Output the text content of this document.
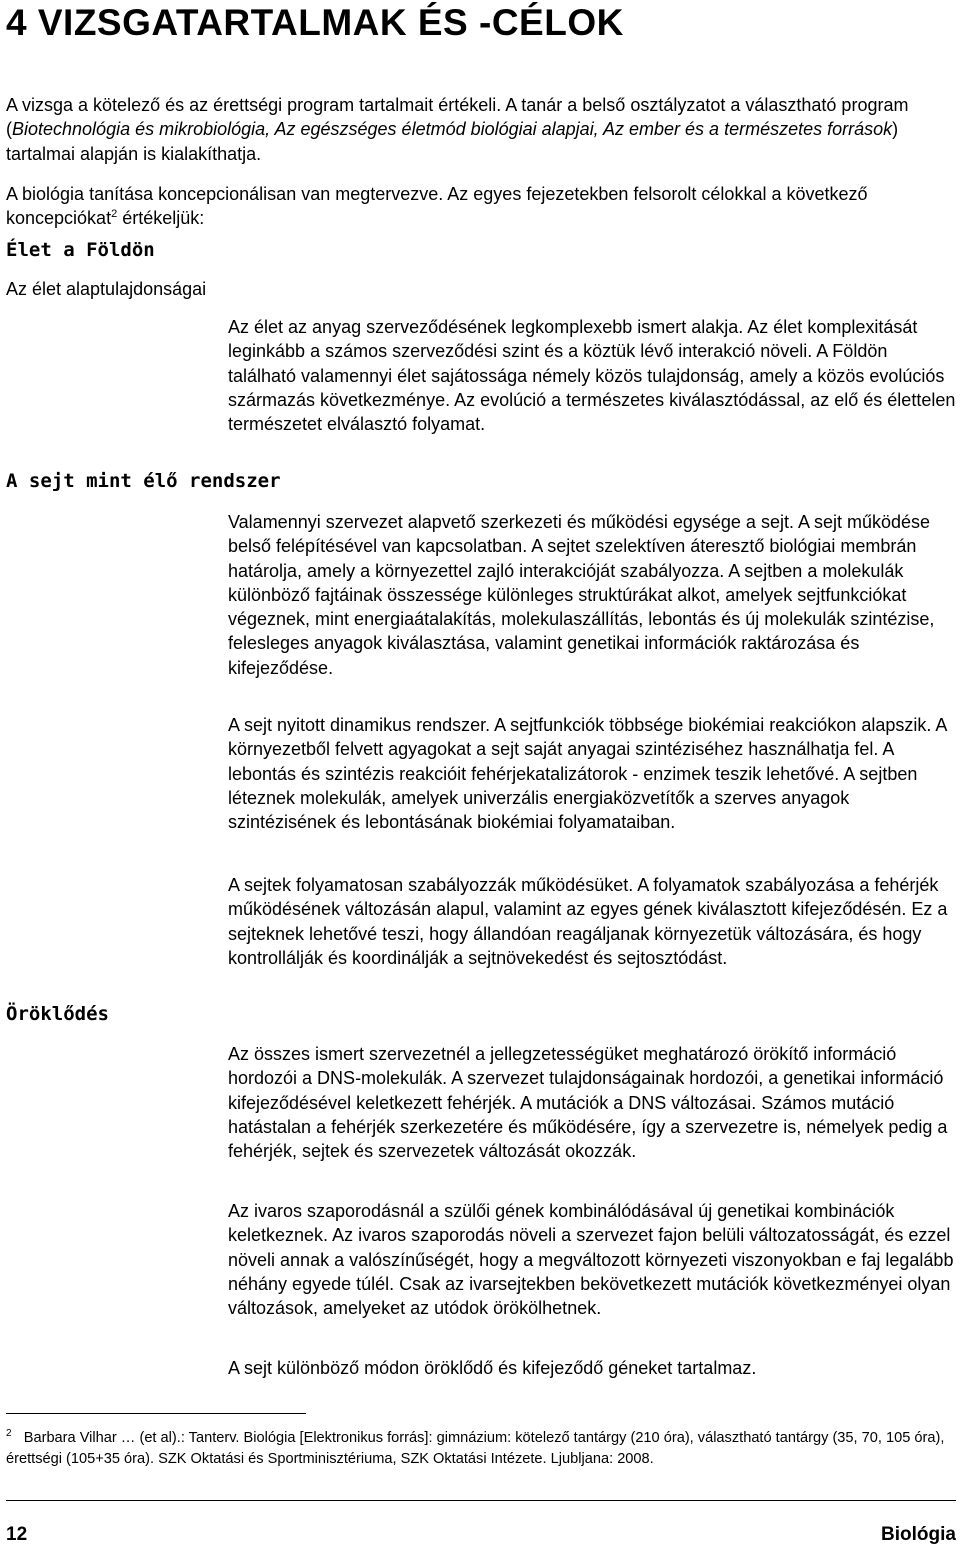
4 VIZSGATARTALMAK ÉS -CÉLOK

A vizsga a kötelező és az érettségi program tartalmait értékeli. A tanár a belső osztályzatot a választható program (Biotechnológia és mikrobiológia, Az egészséges életmód biológiai alapjai, Az ember és a természetes források) tartalmai alapján is kialakíthatja.

A biológia tanítása koncepcionálisan van megtervezve. Az egyes fejezetekben felsorolt célokkal a következő koncepciókat$^2$ értékeljük:

Élet a Földön

Az élet alaptulajdonságai

Az élet az anyag szerveződésének legkomplexebb ismert alakja. Az élet komplexitását leginkább a számos szerveződési szint és a köztük lévő interakció növeli. A Földön található valamennyi élet sajátossága némely közös tulajdonság, amely a közös evolúciós származás következménye. Az evolúció a természetes kiválasztódással, az elő és élettelen természetet elválasztó folyamat.

A sejt mint élő rendszer

Valamennyi szervezet alapvető szerkezeti és működési egysége a sejt. A sejt működése belső felépítésével van kapcsolatban. A sejtet szelektíven áteresztő biológiai membrán határolja, amely a környezettel zajló interakcióját szabályozza. A sejtben a molekulák különböző fajtáinak összessége különleges struktúrákat alkot, amelyek sejtfunkciókat végeznek, mint energiaátalakítás, molekulaszállítás, lebontás és új molekulák szintézise, felesleges anyagok kiválasztása, valamint genetikai információk raktározása és kifejeződése.

A sejt nyitott dinamikus rendszer. A sejtfunkciók többsége biokémiai reakciókon alapszik. A környezetből felvett agyagokat a sejt saját anyagai szintéziséhez használhatja fel. A lebontás és szintézis reakcióit fehérjekatalizátorok - enzimek teszik lehetővé. A sejtben léteznek molekulák, amelyek univerzális energiaközvetítők a szerves anyagok szintézisének és lebontásának biokémiai folyamataiban.

A sejtek folyamatosan szabályozzák működésüket. A folyamatok szabályozása a fehérjék működésének változásán alapul, valamint az egyes gének kiválasztott kifejeződésén. Ez a sejteknek lehetővé teszi, hogy állandóan reagáljanak környezetük változására, és hogy kontrollálják és koordinálják a sejtnövekedést és sejtosztódást.

Öröklődés

Az összes ismert szervezetnél a jellegzetességüket meghatározó örökítő információ hordozói a DNS-molekulák. A szervezet tulajdonságainak hordozói, a genetikai információ kifejeződésével keletkezett fehérjék. A mutációk a DNS változásai. Számos mutáció hatástalan a fehérjék szerkezetére és működésére, így a szervezetre is, némelyek pedig a fehérjék, sejtek és szervezetek változását okozzák.

Az ivaros szaporodásnál a szülői gének kombinálódásával új genetikai kombinációk keletkeznek. Az ivaros szaporodás növeli a szervezet fajon belüli változatosságát, és ezzel növeli annak a valószínűségét, hogy a megváltozott környezeti viszonyokban e faj legalább néhány egyede túlél. Csak az ivarsejtekben bekövetkezett mutációk következményei olyan változások, amelyeket az utódok örökölhetnek.

A sejt különböző módon öröklődő és kifejeződő géneket tartalmaz.

$^2$ Barbara Vilhar … (et al).: Tanterv. Biológia [Elektronikus forrás]: gimnázium: kötelező tantárgy (210 óra), választható tantárgy (35, 70, 105 óra), érettségi (105+35 óra). SZK Oktatási és Sportminisztériuma, SZK Oktatási Intézete. Ljubljana: 2008.

12	Biológia
